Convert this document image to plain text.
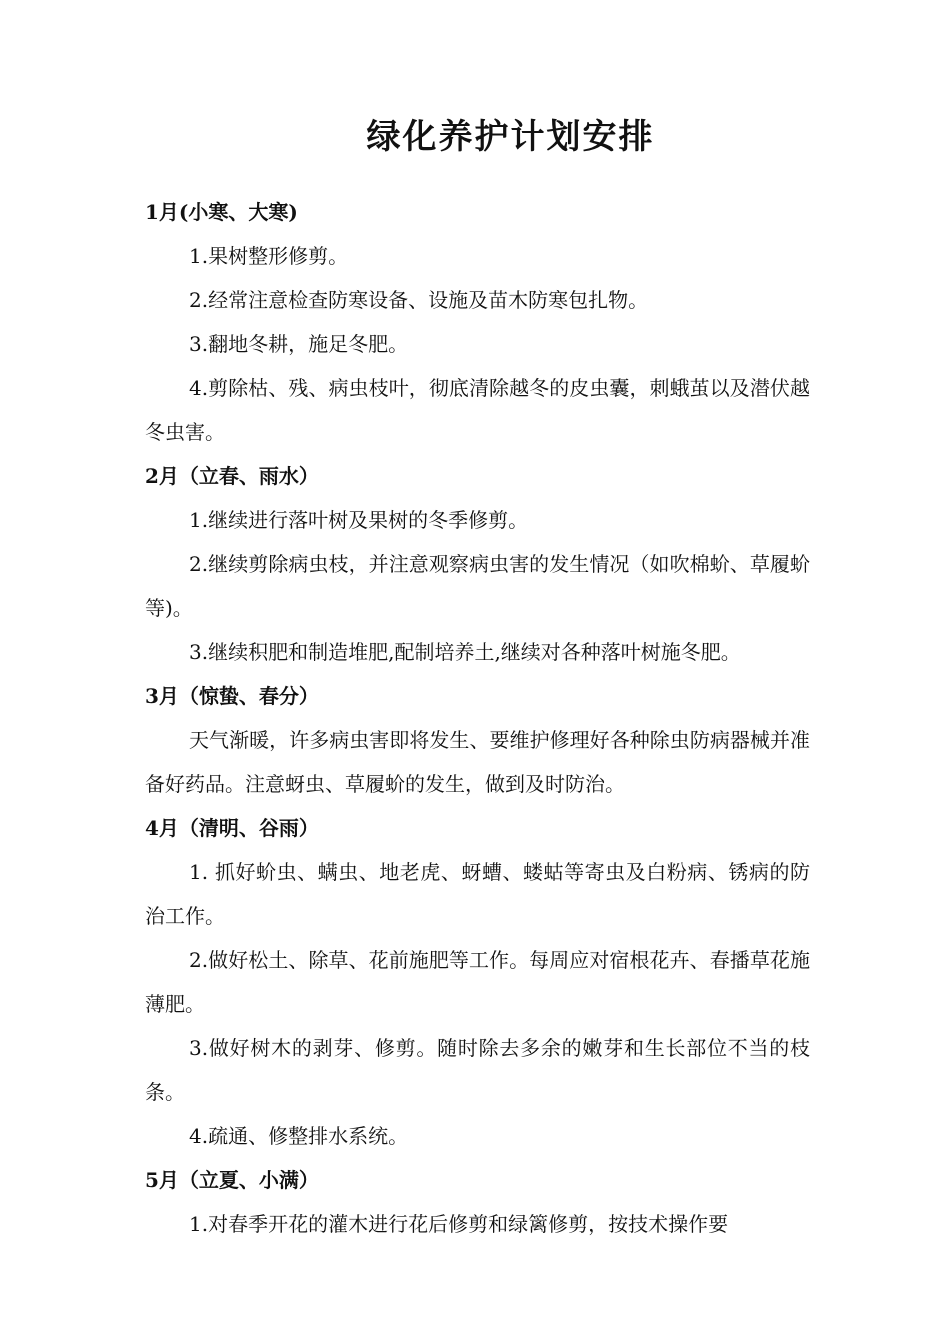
绿化养护计划安排

1月(小寒、大寒)

1.果树整形修剪。

2.经常注意检查防寒设备、设施及苗木防寒包扎物。

3.翻地冬耕，施足冬肥。

4.剪除枯、残、病虫枝叶，彻底清除越冬的皮虫囊，刺蛾茧以及潜伏越冬虫害。

2月（立春、雨水）

1.继续进行落叶树及果树的冬季修剪。

2.继续剪除病虫枝，并注意观察病虫害的发生情况（如吹棉蚧、草履蚧等)。

3.继续积肥和制造堆肥,配制培养土,继续对各种落叶树施冬肥。

3月（惊蛰、春分）

天气渐暖，许多病虫害即将发生、要维护修理好各种除虫防病器械并准备好药品。注意蚜虫、草履蚧的发生，做到及时防治。

4月（清明、谷雨）

1. 抓好蚧虫、螨虫、地老虎、蚜螬、蝼蛄等寄虫及白粉病、锈病的防治工作。

2.做好松土、除草、花前施肥等工作。每周应对宿根花卉、春播草花施薄肥。

3.做好树木的剥芽、修剪。随时除去多余的嫩芽和生长部位不当的枝条。

4.疏通、修整排水系统。

5月（立夏、小满）

1.对春季开花的灌木进行花后修剪和绿篱修剪，按技术操作要
